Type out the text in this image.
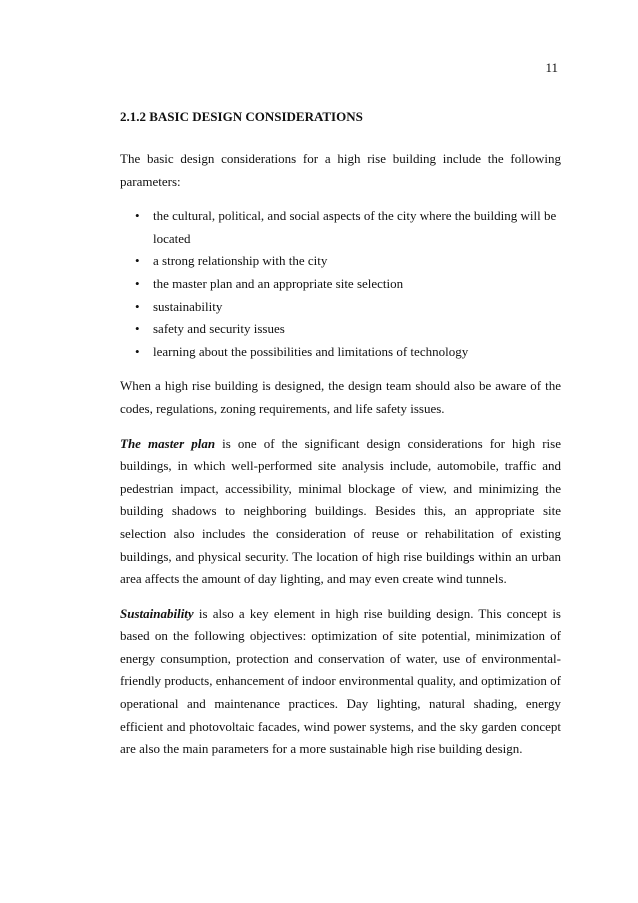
11
2.1.2 BASIC DESIGN CONSIDERATIONS

The basic design considerations for a high rise building include the following parameters:

• the cultural, political, and social aspects of the city where the building will be located
• a strong relationship with the city
• the master plan and an appropriate site selection
• sustainability
• safety and security issues
• learning about the possibilities and limitations of technology

When a high rise building is designed, the design team should also be aware of the codes, regulations, zoning requirements, and life safety issues.

The master plan is one of the significant design considerations for high rise buildings, in which well-performed site analysis include, automobile, traffic and pedestrian impact, accessibility, minimal blockage of view, and minimizing the building shadows to neighboring buildings. Besides this, an appropriate site selection also includes the consideration of reuse or rehabilitation of existing buildings, and physical security. The location of high rise buildings within an urban area affects the amount of day lighting, and may even create wind tunnels.

Sustainability is also a key element in high rise building design. This concept is based on the following objectives: optimization of site potential, minimization of energy consumption, protection and conservation of water, use of environmental-friendly products, enhancement of indoor environmental quality, and optimization of operational and maintenance practices. Day lighting, natural shading, energy efficient and photovoltaic facades, wind power systems, and the sky garden concept are also the main parameters for a more sustainable high rise building design.
